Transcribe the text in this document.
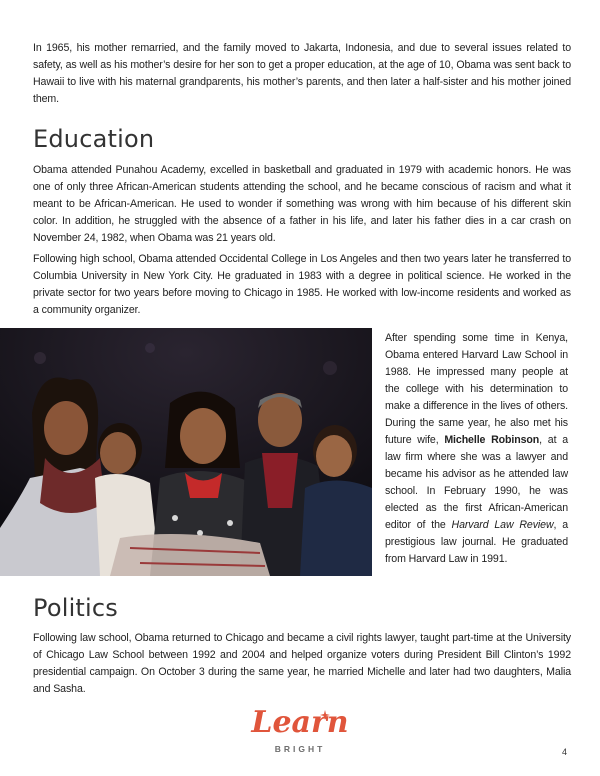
In 1965, his mother remarried, and the family moved to Jakarta, Indonesia, and due to several issues related to safety, as well as his mother’s desire for her son to get a proper education, at the age of 10, Obama was sent back to Hawaii to live with his maternal grandparents, his mother’s parents, and then later a half-sister and his mother joined them.

Education

Obama attended Punahou Academy, excelled in basketball and graduated in 1979 with academic honors. He was one of only three African-American students attending the school, and he became conscious of racism and what it meant to be African-American. He used to wonder if something was wrong with him because of his different skin color. In addition, he struggled with the absence of a father in his life, and later his father dies in a car crash on November 24, 1982, when Obama was 21 years old.

Following high school, Obama attended Occidental College in Los Angeles and then two years later he transferred to Columbia University in New York City. He graduated in 1983 with a degree in political science. He worked in the private sector for two years before moving to Chicago in 1985. He worked with low-income residents and worked as a community organizer.

After spending some time in Kenya, Obama entered Harvard Law School in 1988. He impressed many people at the college with his determination to make a difference in the lives of others. During the same year, he also met his future wife, Michelle Robinson, at a law firm where she was a lawyer and became his advisor as he attended law school. In February 1990, he was elected as the first African-American editor of the Harvard Law Review, a prestigious law journal. He graduated from Harvard Law in 1991.

Politics

Following law school, Obama returned to Chicago and became a civil rights lawyer, taught part-time at the University of Chicago Law School between 1992 and 2004 and helped organize voters during President Bill Clinton’s 1992 presidential campaign. On October 3 during the same year, he married Michelle and later had two daughters, Malia and Sasha.

Learn
BRIGHT	4
